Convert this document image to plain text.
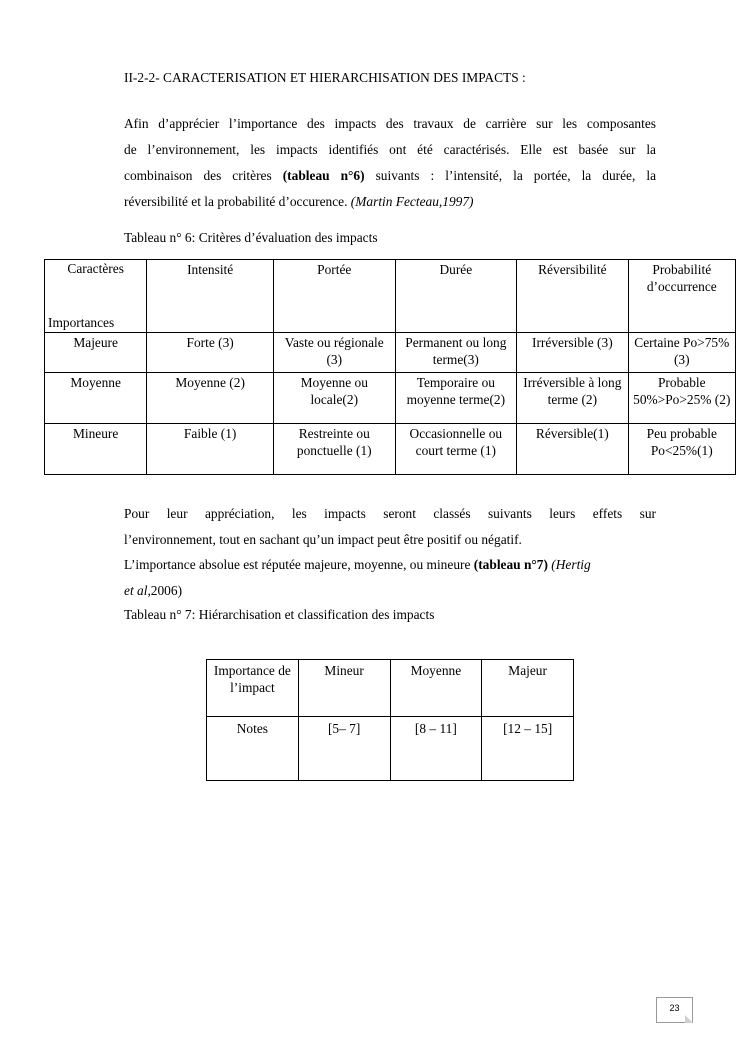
II-2-2- CARACTERISATION ET HIERARCHISATION DES IMPACTS :
Afin d’apprécier l’importance des impacts des travaux de carrière sur les composantes
de l’environnement, les impacts identifiés ont été caractérisés. Elle est basée sur la
combinaison des critères (tableau n°6) suivants : l’intensité, la portée, la durée, la
réversibilité et la probabilité d’occurence. (Martin Fecteau,1997)
Tableau n° 6: Critères d’évaluation des impacts
Caractères
Importances	Intensité	Portée	Durée	Réversibilité	Probabilité d’occurrence
Majeure	Forte (3)	Vaste ou régionale (3)	Permanent ou long terme(3)	Irréversible (3)	Certaine Po>75% (3)
Moyenne	Moyenne (2)	Moyenne ou locale(2)	Temporaire ou moyenne terme(2)	Irréversible à long terme (2)	Probable 50%>Po>25% (2)
Mineure	Faible (1)	Restreinte ou ponctuelle (1)	Occasionnelle ou court terme (1)	Réversible(1)	Peu probable Po<25%(1)
Pour leur appréciation, les impacts seront classés suivants leurs effets sur
l’environnement, tout en sachant qu’un impact peut être positif ou négatif.
L’importance absolue est réputée majeure, moyenne, ou mineure (tableau n°7) (Hertig
et al,2006)
Tableau n° 7: Hiérarchisation et classification des impacts
Importance de l’impact	Mineur	Moyenne	Majeur
Notes	[5– 7]	[8 – 11]	[12 – 15]
23
